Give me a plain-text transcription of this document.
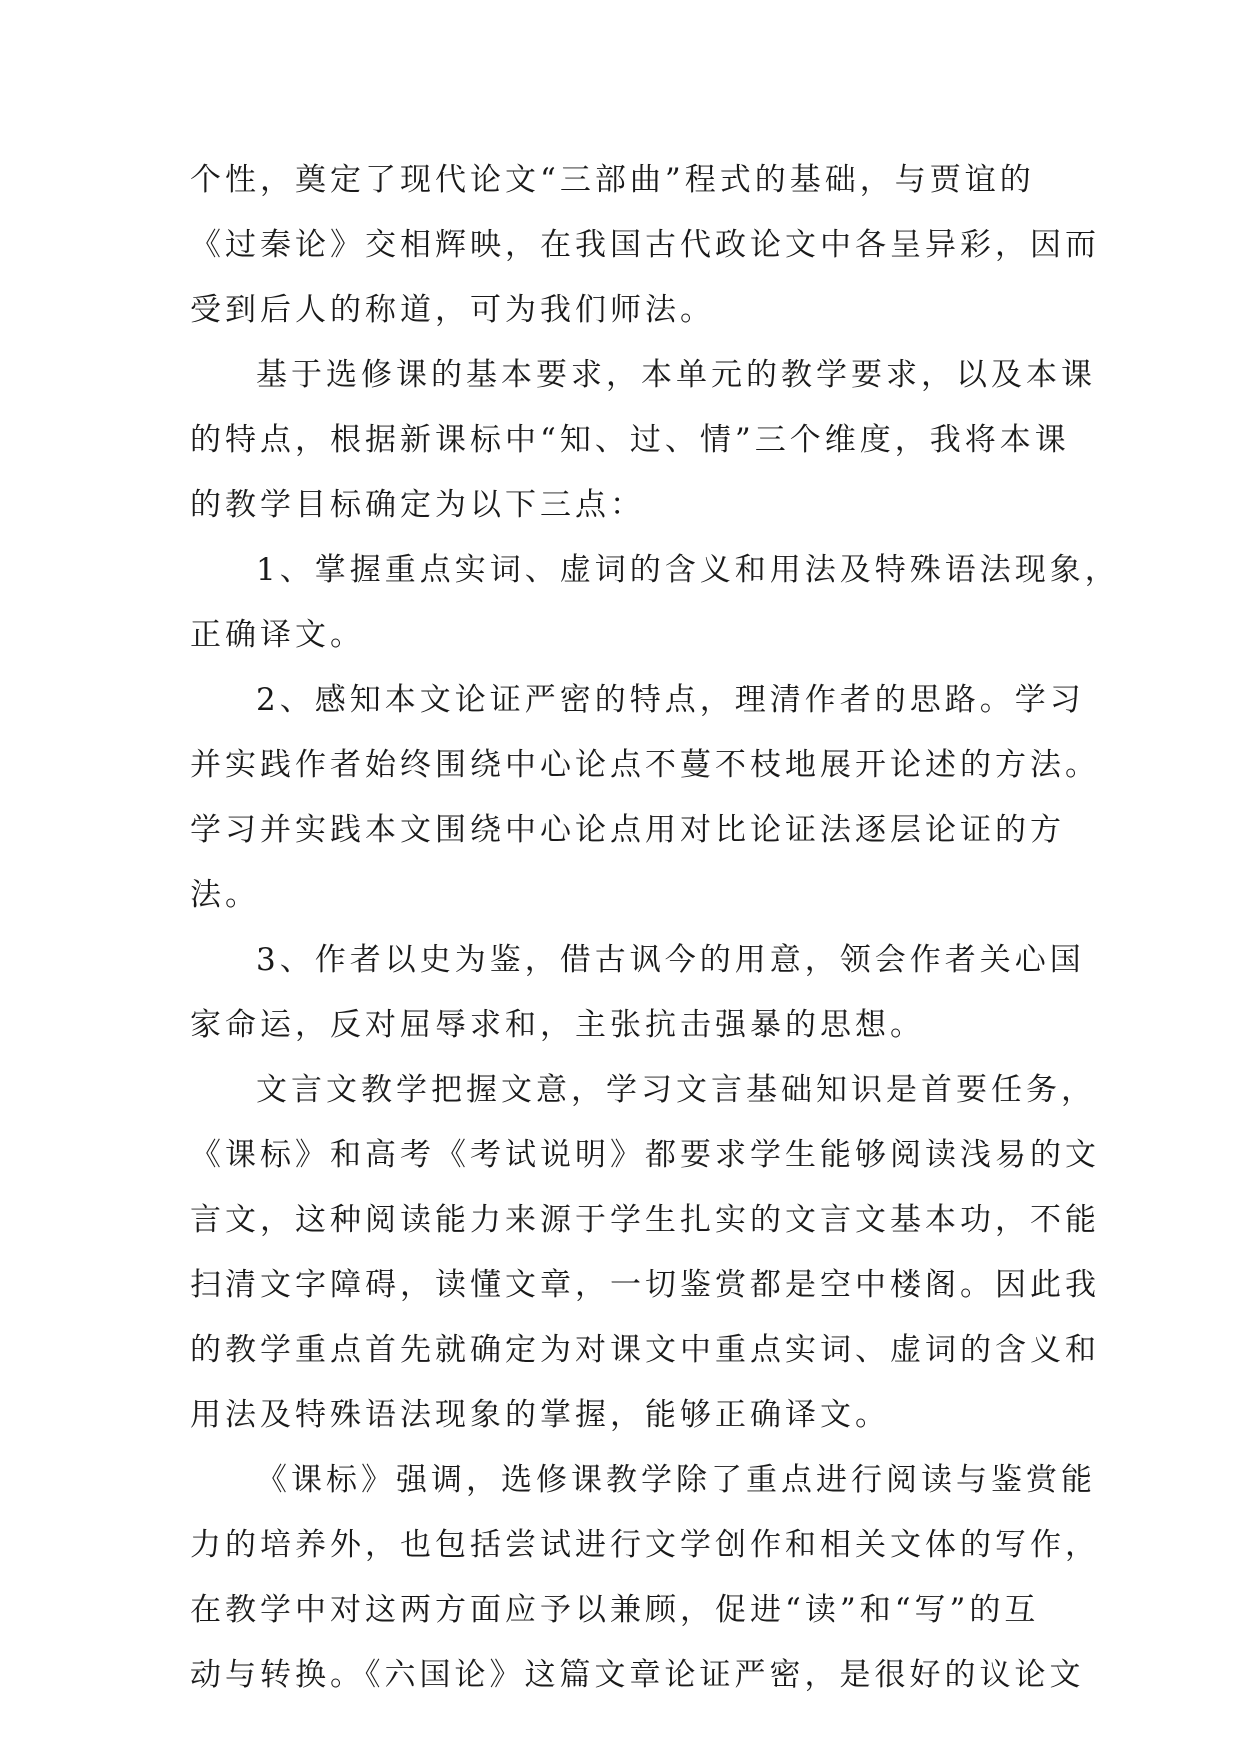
个性，奠定了现代论文“三部曲”程式的基础，与贾谊的
《过秦论》交相辉映，在我国古代政论文中各呈异彩，因而
受到后人的称道，可为我们师法。
基于选修课的基本要求，本单元的教学要求，以及本课
的特点，根据新课标中“知、过、情”三个维度，我将本课
的教学目标确定为以下三点：
1、掌握重点实词、虚词的含义和用法及特殊语法现象，
正确译文。
2、感知本文论证严密的特点，理清作者的思路。学习
并实践作者始终围绕中心论点不蔓不枝地展开论述的方法。
学习并实践本文围绕中心论点用对比论证法逐层论证的方
法。
3、作者以史为鉴，借古讽今的用意，领会作者关心国
家命运，反对屈辱求和，主张抗击强暴的思想。
文言文教学把握文意，学习文言基础知识是首要任务，
《课标》和高考《考试说明》都要求学生能够阅读浅易的文
言文，这种阅读能力来源于学生扎实的文言文基本功，不能
扫清文字障碍，读懂文章，一切鉴赏都是空中楼阁。因此我
的教学重点首先就确定为对课文中重点实词、虚词的含义和
用法及特殊语法现象的掌握，能够正确译文。
《课标》强调，选修课教学除了重点进行阅读与鉴赏能
力的培养外，也包括尝试进行文学创作和相关文体的写作，
在教学中对这两方面应予以兼顾，促进“读”和“写”的互
动与转换。《六国论》这篇文章论证严密，是很好的议论文
